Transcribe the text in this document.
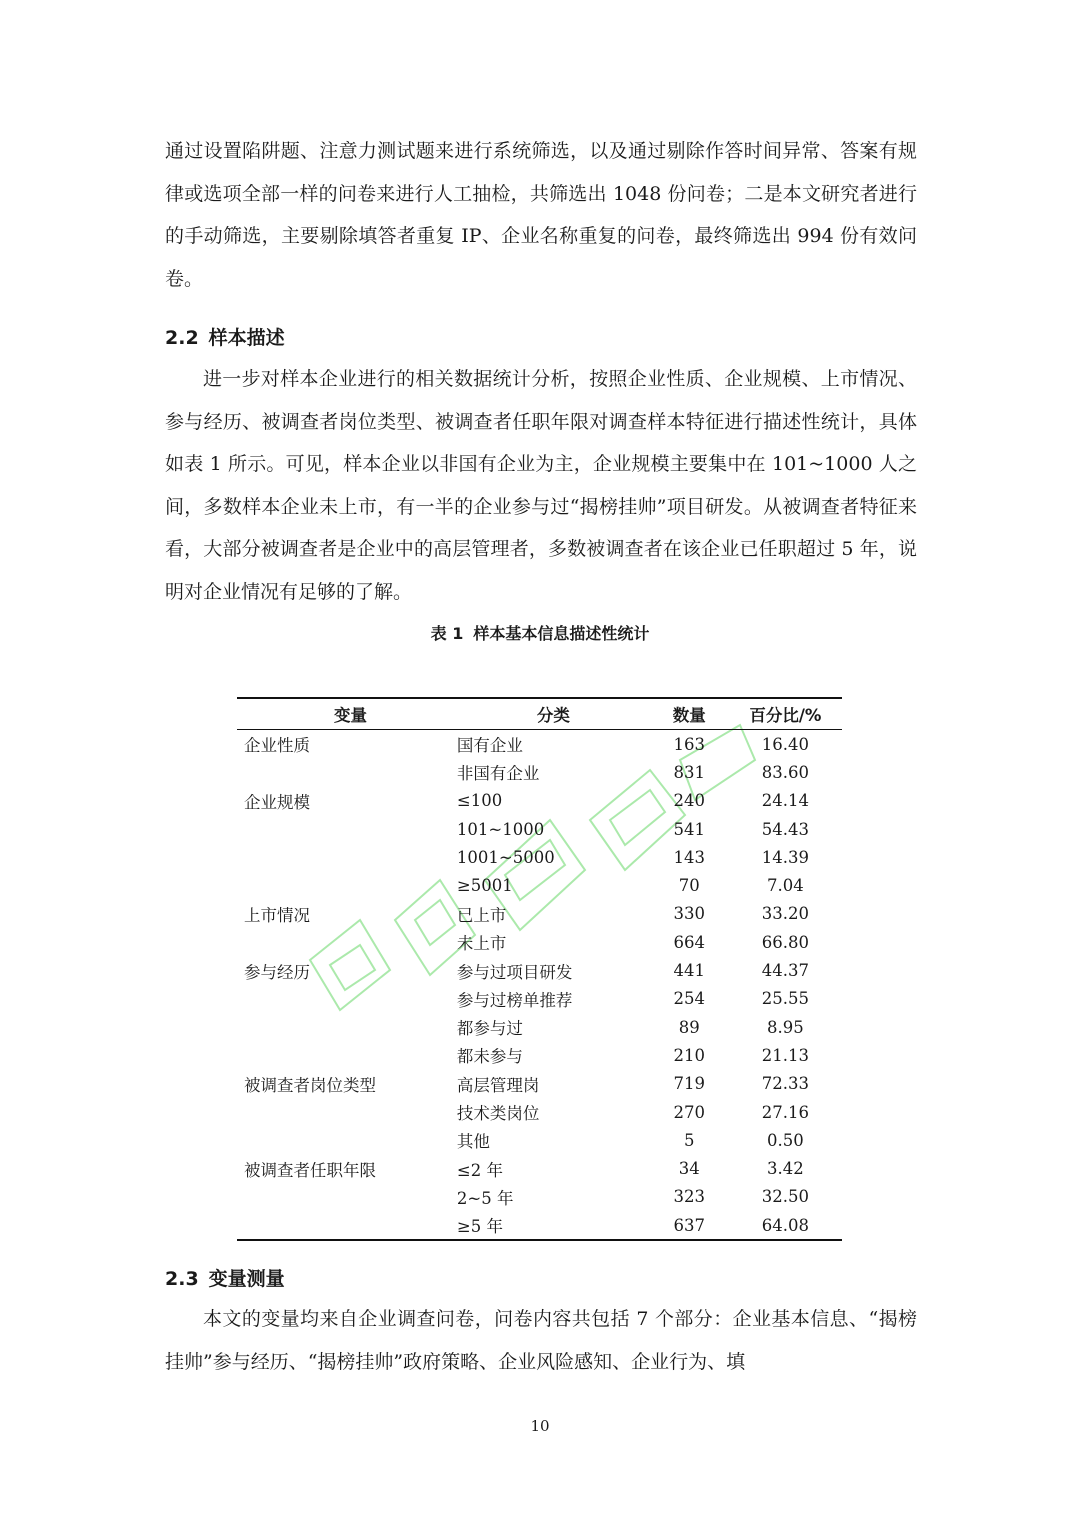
通过设置陷阱题、注意力测试题来进行系统筛选，以及通过剔除作答时间异常、答案有规律或选项全部一样的问卷来进行人工抽检，共筛选出 1048 份问卷；二是本文研究者进行的手动筛选，主要剔除填答者重复 IP、企业名称重复的问卷，最终筛选出 994 份有效问卷。

2.2 样本描述

进一步对样本企业进行的相关数据统计分析，按照企业性质、企业规模、上市情况、参与经历、被调查者岗位类型、被调查者任职年限对调查样本特征进行描述性统计，具体如表 1 所示。可见，样本企业以非国有企业为主，企业规模主要集中在 101~1000 人之间，多数样本企业未上市，有一半的企业参与过“揭榜挂帅”项目研发。从被调查者特征来看，大部分被调查者是企业中的高层管理者，多数被调查者在该企业已任职超过 5 年，说明对企业情况有足够的了解。

表 1 样本基本信息描述性统计

变量	分类	数量	百分比/%
企业性质	国有企业	163	16.40
	非国有企业	831	83.60
企业规模	≤100	240	24.14
	101~1000	541	54.43
	1001~5000	143	14.39
	≥5001	70	7.04
上市情况	已上市	330	33.20
	未上市	664	66.80
参与经历	参与过项目研发	441	44.37
	参与过榜单推荐	254	25.55
	都参与过	89	8.95
	都未参与	210	21.13
被调查者岗位类型	高层管理岗	719	72.33
	技术类岗位	270	27.16
	其他	5	0.50
被调查者任职年限	≤2 年	34	3.42
	2~5 年	323	32.50
	≥5 年	637	64.08

2.3 变量测量

本文的变量均来自企业调查问卷，问卷内容共包括 7 个部分：企业基本信息、“揭榜挂帅”参与经历、“揭榜挂帅”政府策略、企业风险感知、企业行为、填

10
